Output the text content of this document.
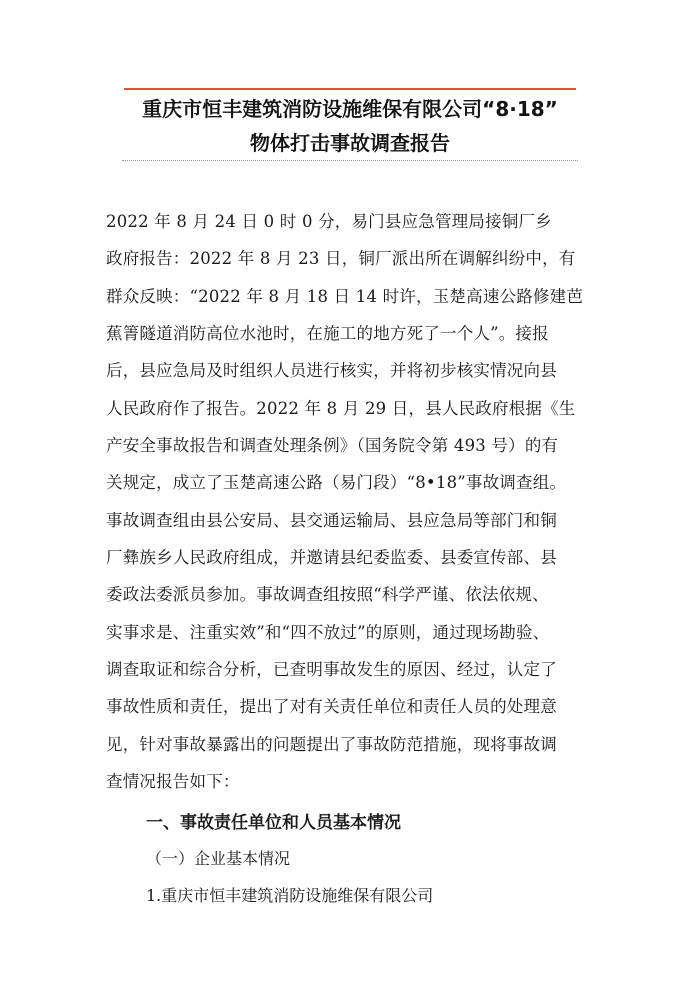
重庆市恒丰建筑消防设施维保有限公司“8·18”
物体打击事故调查报告
2022 年 8 月 24 日 0 时 0 分，易门县应急管理局接铜厂乡
政府报告：2022 年 8 月 23 日，铜厂派出所在调解纠纷中，有
群众反映：“2022 年 8 月 18 日 14 时许，玉楚高速公路修建芭
蕉箐隧道消防高位水池时，在施工的地方死了一个人”。接报
后，县应急局及时组织人员进行核实，并将初步核实情况向县
人民政府作了报告。2022 年 8 月 29 日，县人民政府根据《生
产安全事故报告和调查处理条例》（国务院令第 493 号）的有
关规定，成立了玉楚高速公路（易门段）“8•18”事故调查组。
事故调查组由县公安局、县交通运输局、县应急局等部门和铜
厂彝族乡人民政府组成，并邀请县纪委监委、县委宣传部、县
委政法委派员参加。事故调查组按照“科学严谨、依法依规、
实事求是、注重实效”和“四不放过”的原则，通过现场勘验、
调查取证和综合分析，已查明事故发生的原因、经过，认定了
事故性质和责任，提出了对有关责任单位和责任人员的处理意
见，针对事故暴露出的问题提出了事故防范措施，现将事故调
查情况报告如下：
一、事故责任单位和人员基本情况
（一）企业基本情况
1.重庆市恒丰建筑消防设施维保有限公司
